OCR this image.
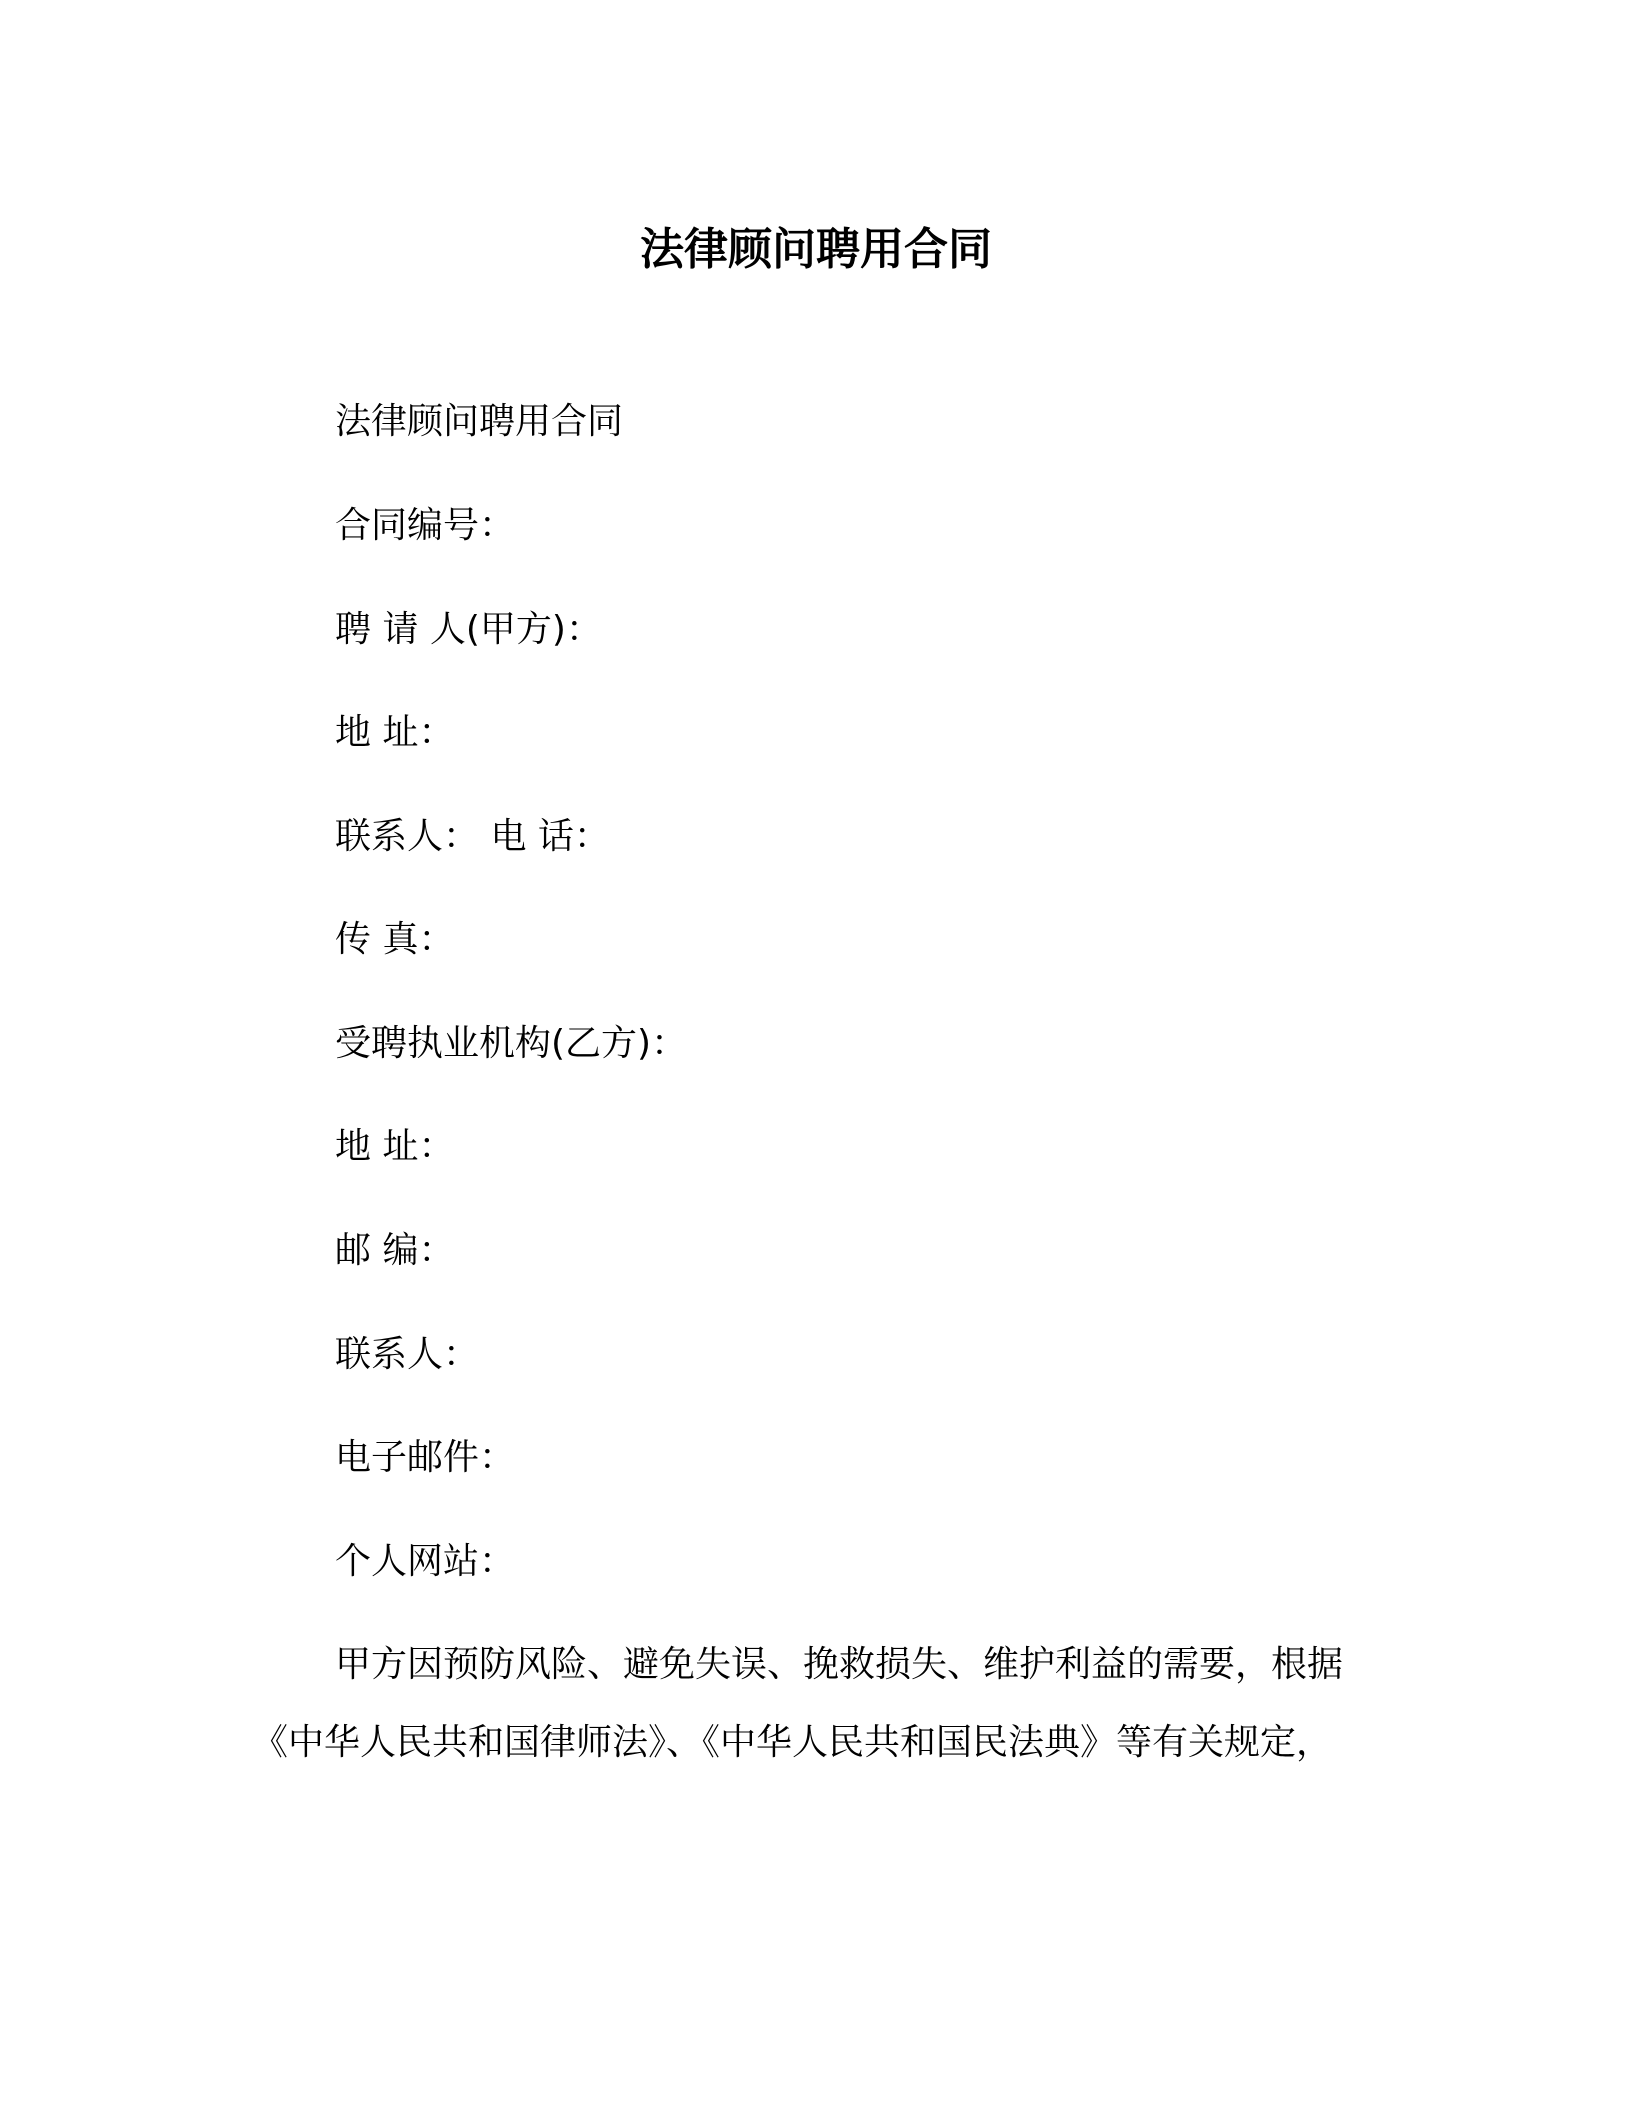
法律顾问聘用合同

法律顾问聘用合同

合同编号：

聘 请 人(甲方)：

地 址：

联系人： 电 话：

传 真：

受聘执业机构(乙方)：

地 址：

邮 编：

联系人：

电子邮件：

个人网站：

甲方因预防风险、避免失误、挽救损失、维护利益的需要，根据

《中华人民共和国律师法》、《中华人民共和国民法典》等有关规定，
